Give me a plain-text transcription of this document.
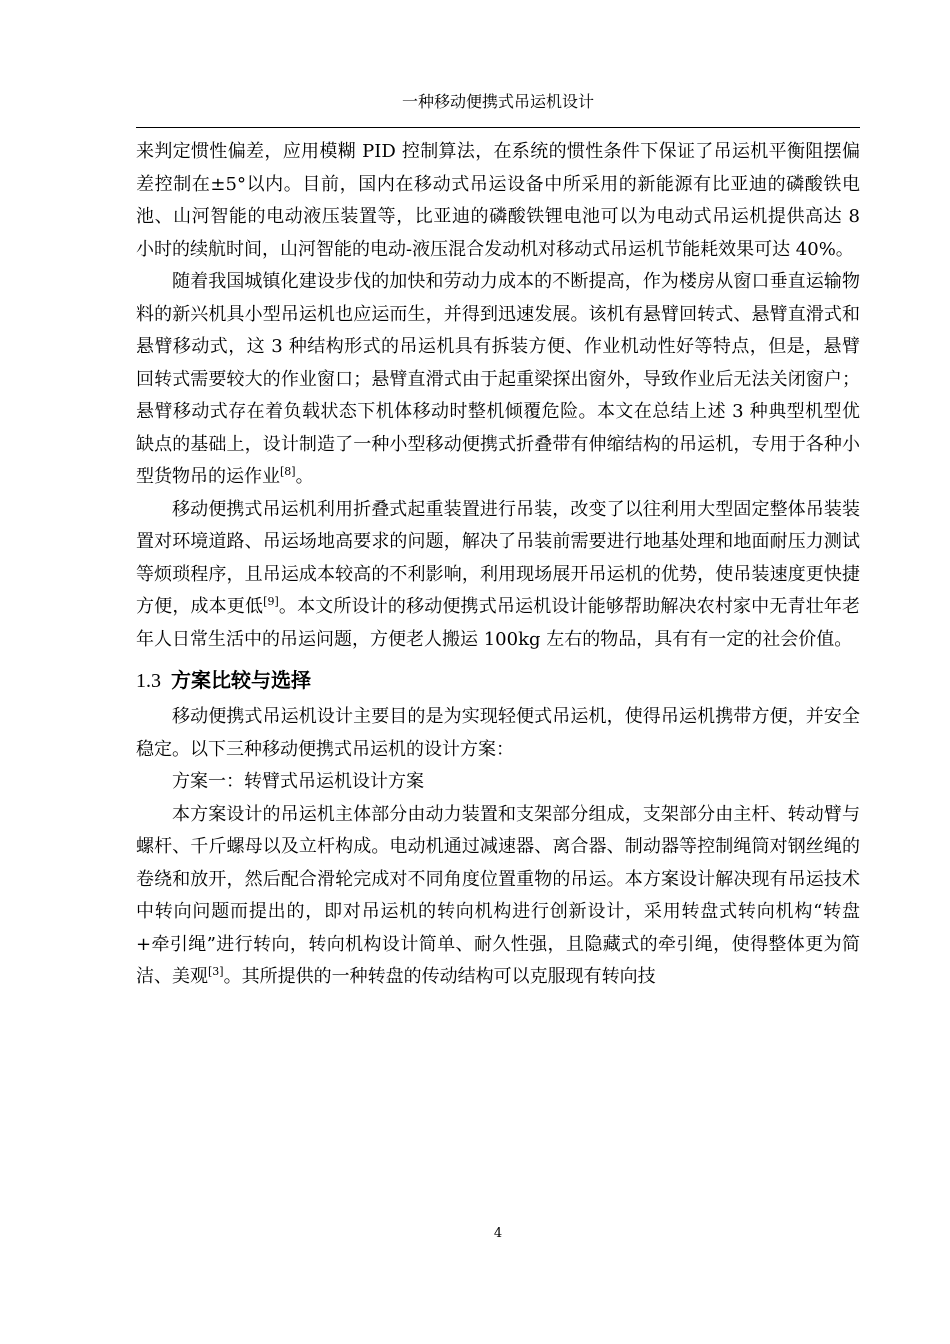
一种移动便携式吊运机设计

来判定惯性偏差，应用模糊 PID 控制算法，在系统的惯性条件下保证了吊运机平衡阻摆偏差控制在±5°以内。目前，国内在移动式吊运设备中所采用的新能源有比亚迪的磷酸铁电池、山河智能的电动液压装置等，比亚迪的磷酸铁锂电池可以为电动式吊运机提供高达 8 小时的续航时间，山河智能的电动-液压混合发动机对移动式吊运机节能耗效果可达 40%。

随着我国城镇化建设步伐的加快和劳动力成本的不断提高，作为楼房从窗口垂直运输物料的新兴机具小型吊运机也应运而生，并得到迅速发展。该机有悬臂回转式、悬臂直滑式和悬臂移动式，这 3 种结构形式的吊运机具有拆装方便、作业机动性好等特点，但是，悬臂回转式需要较大的作业窗口；悬臂直滑式由于起重梁探出窗外，导致作业后无法关闭窗户；悬臂移动式存在着负载状态下机体移动时整机倾覆危险。本文在总结上述 3 种典型机型优缺点的基础上，设计制造了一种小型移动便携式折叠带有伸缩结构的吊运机，专用于各种小型货物吊的运作业[8]。

移动便携式吊运机利用折叠式起重装置进行吊装，改变了以往利用大型固定整体吊装装置对环境道路、吊运场地高要求的问题，解决了吊装前需要进行地基处理和地面耐压力测试等烦琐程序，且吊运成本较高的不利影响，利用现场展开吊运机的优势，使吊装速度更快捷方便，成本更低[9]。本文所设计的移动便携式吊运机设计能够帮助解决农村家中无青壮年老年人日常生活中的吊运问题，方便老人搬运 100kg 左右的物品，具有有一定的社会价值。

1.3 方案比较与选择

移动便携式吊运机设计主要目的是为实现轻便式吊运机，使得吊运机携带方便，并安全稳定。以下三种移动便携式吊运机的设计方案：

方案一：转臂式吊运机设计方案

本方案设计的吊运机主体部分由动力装置和支架部分组成，支架部分由主杆、转动臂与螺杆、千斤螺母以及立杆构成。电动机通过减速器、离合器、制动器等控制绳筒对钢丝绳的卷绕和放开，然后配合滑轮完成对不同角度位置重物的吊运。本方案设计解决现有吊运技术中转向问题而提出的，即对吊运机的转向机构进行创新设计，采用转盘式转向机构“转盘+牵引绳”进行转向，转向机构设计简单、耐久性强，且隐藏式的牵引绳，使得整体更为简洁、美观[3]。其所提供的一种转盘的传动结构可以克服现有转向技

4
